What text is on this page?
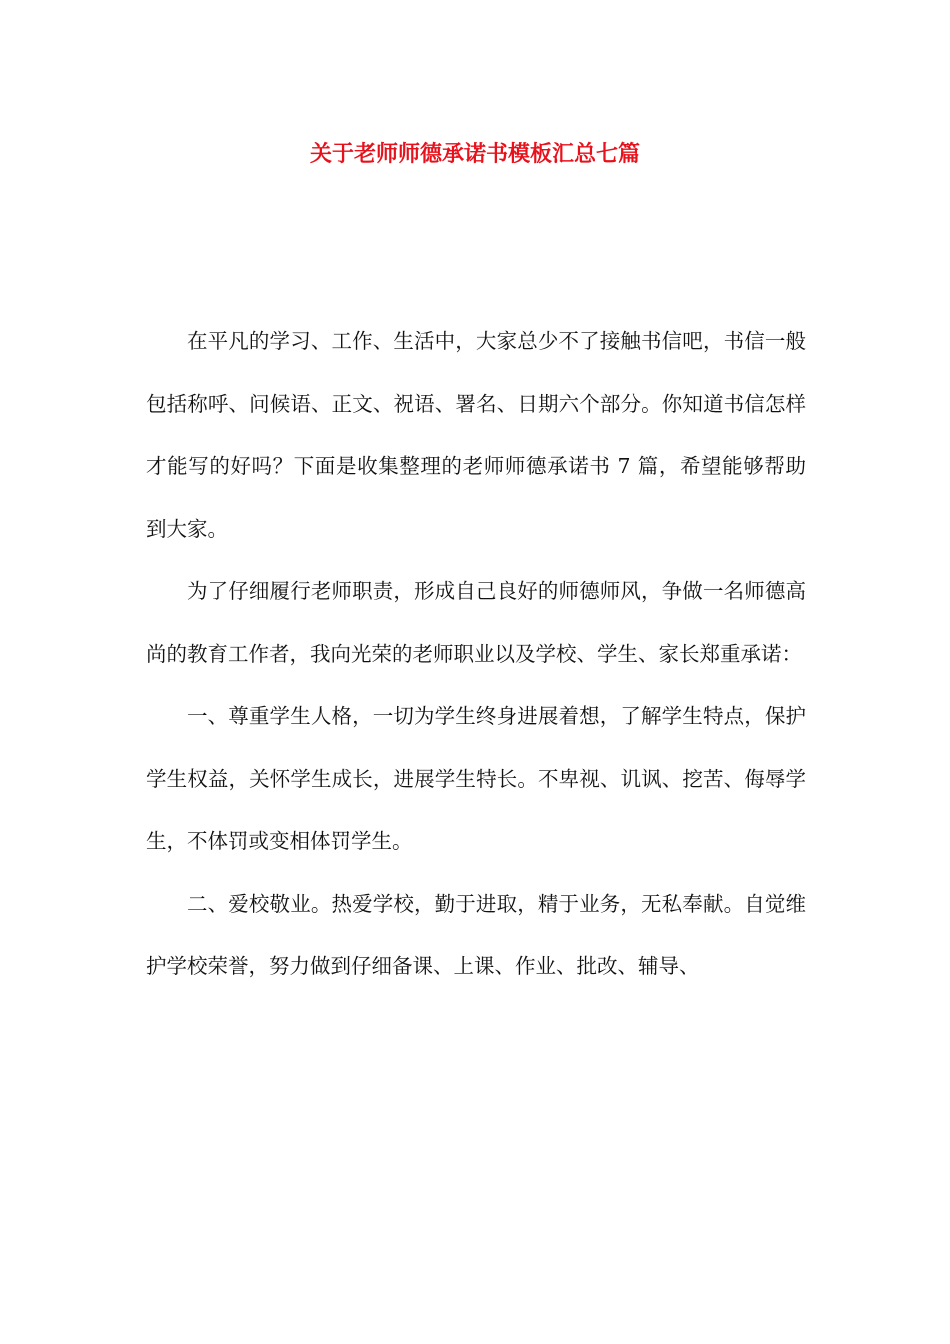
关于老师师德承诺书模板汇总七篇

在平凡的学习、工作、生活中，大家总少不了接触书信吧，书信一般包括称呼、问候语、正文、祝语、署名、日期六个部分。你知道书信怎样才能写的好吗？下面是收集整理的老师师德承诺书 7 篇，希望能够帮助到大家。

为了仔细履行老师职责，形成自己良好的师德师风，争做一名师德高尚的教育工作者，我向光荣的老师职业以及学校、学生、家长郑重承诺：

一、尊重学生人格，一切为学生终身进展着想，了解学生特点，保护学生权益，关怀学生成长，进展学生特长。不卑视、讥讽、挖苦、侮辱学生，不体罚或变相体罚学生。

二、爱校敬业。热爱学校，勤于进取，精于业务，无私奉献。自觉维护学校荣誉，努力做到仔细备课、上课、作业、批改、辅导、
